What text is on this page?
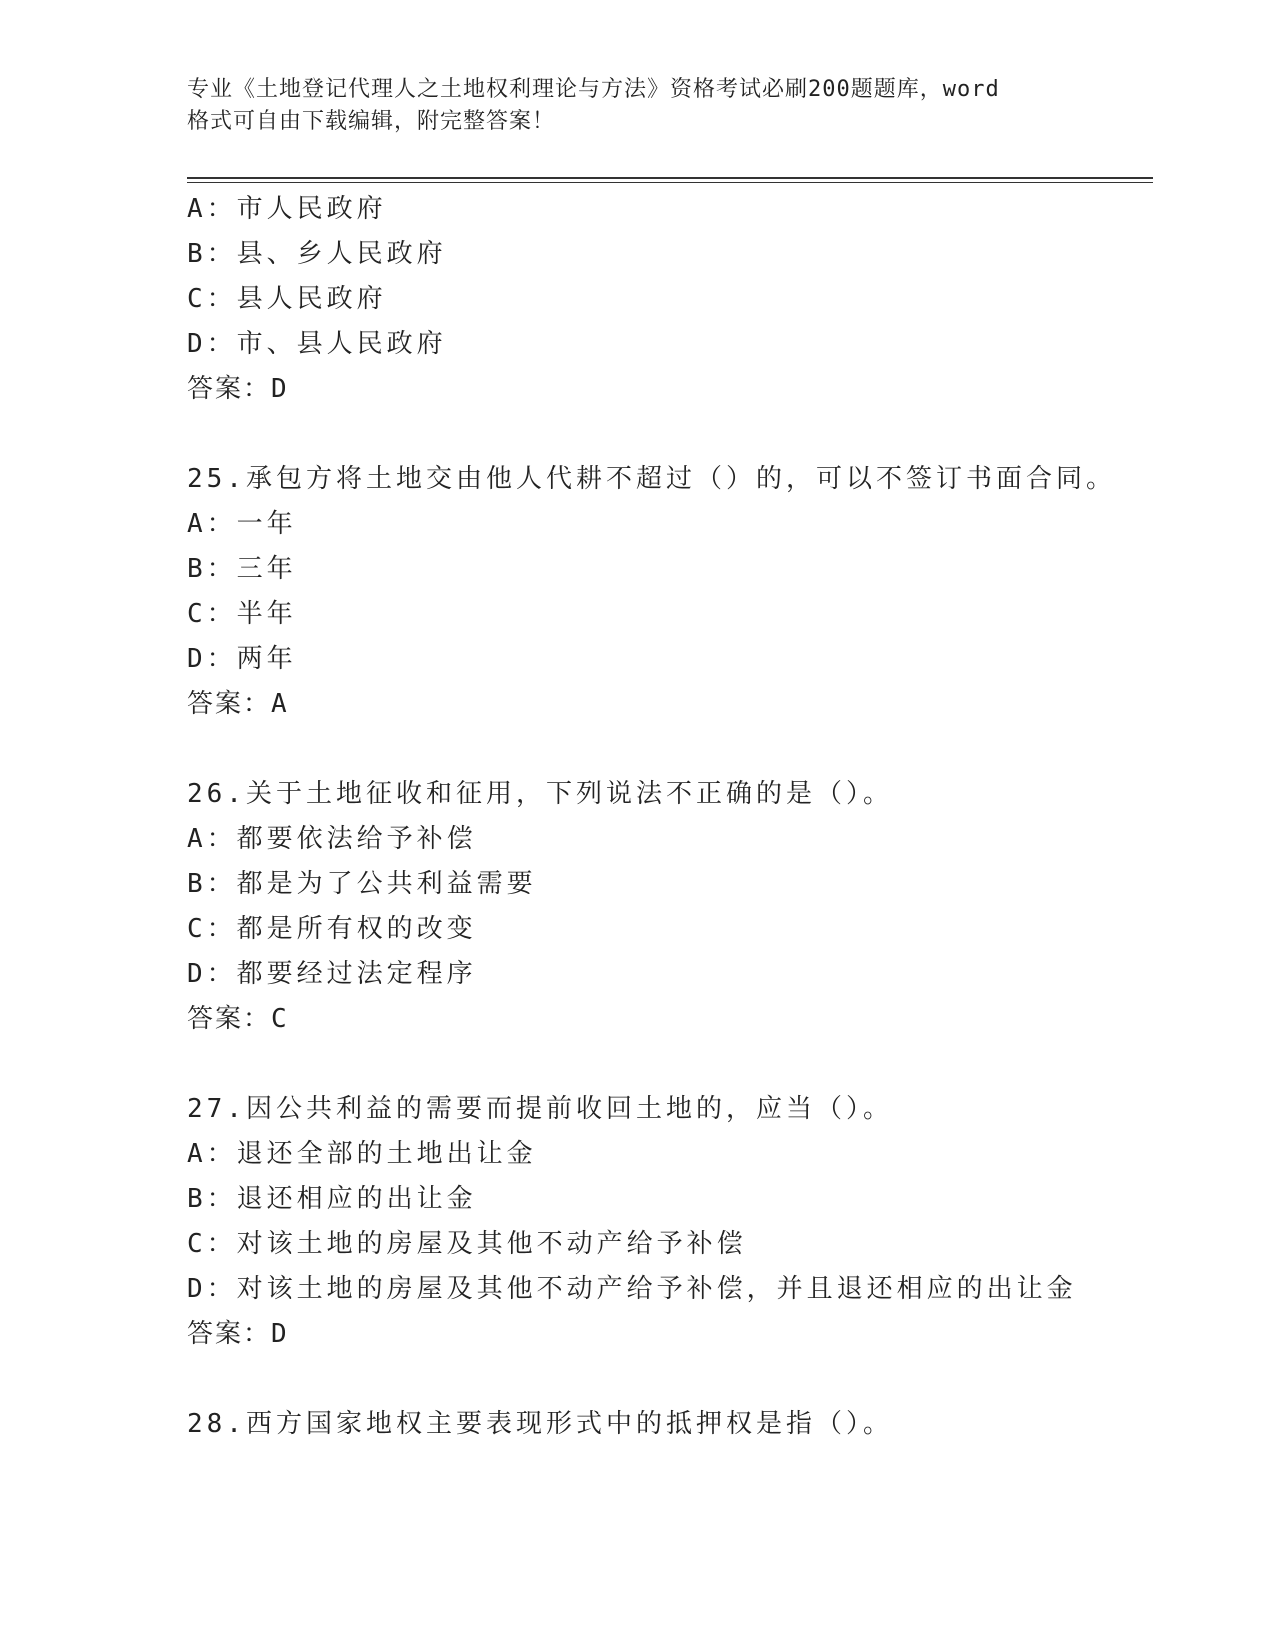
专业《土地登记代理人之土地权利理论与方法》资格考试必刷200题题库，word
格式可自由下载编辑，附完整答案！
A：市人民政府
B：县、乡人民政府
C：县人民政府
D：市、县人民政府
答案：D
25.承包方将土地交由他人代耕不超过（）的，可以不签订书面合同。
A：一年
B：三年
C：半年
D：两年
答案：A
26.关于土地征收和征用，下列说法不正确的是（）。
A：都要依法给予补偿
B：都是为了公共利益需要
C：都是所有权的改变
D：都要经过法定程序
答案：C
27.因公共利益的需要而提前收回土地的，应当（）。
A：退还全部的土地出让金
B：退还相应的出让金
C：对该土地的房屋及其他不动产给予补偿
D：对该土地的房屋及其他不动产给予补偿，并且退还相应的出让金
答案：D
28.西方国家地权主要表现形式中的抵押权是指（）。
